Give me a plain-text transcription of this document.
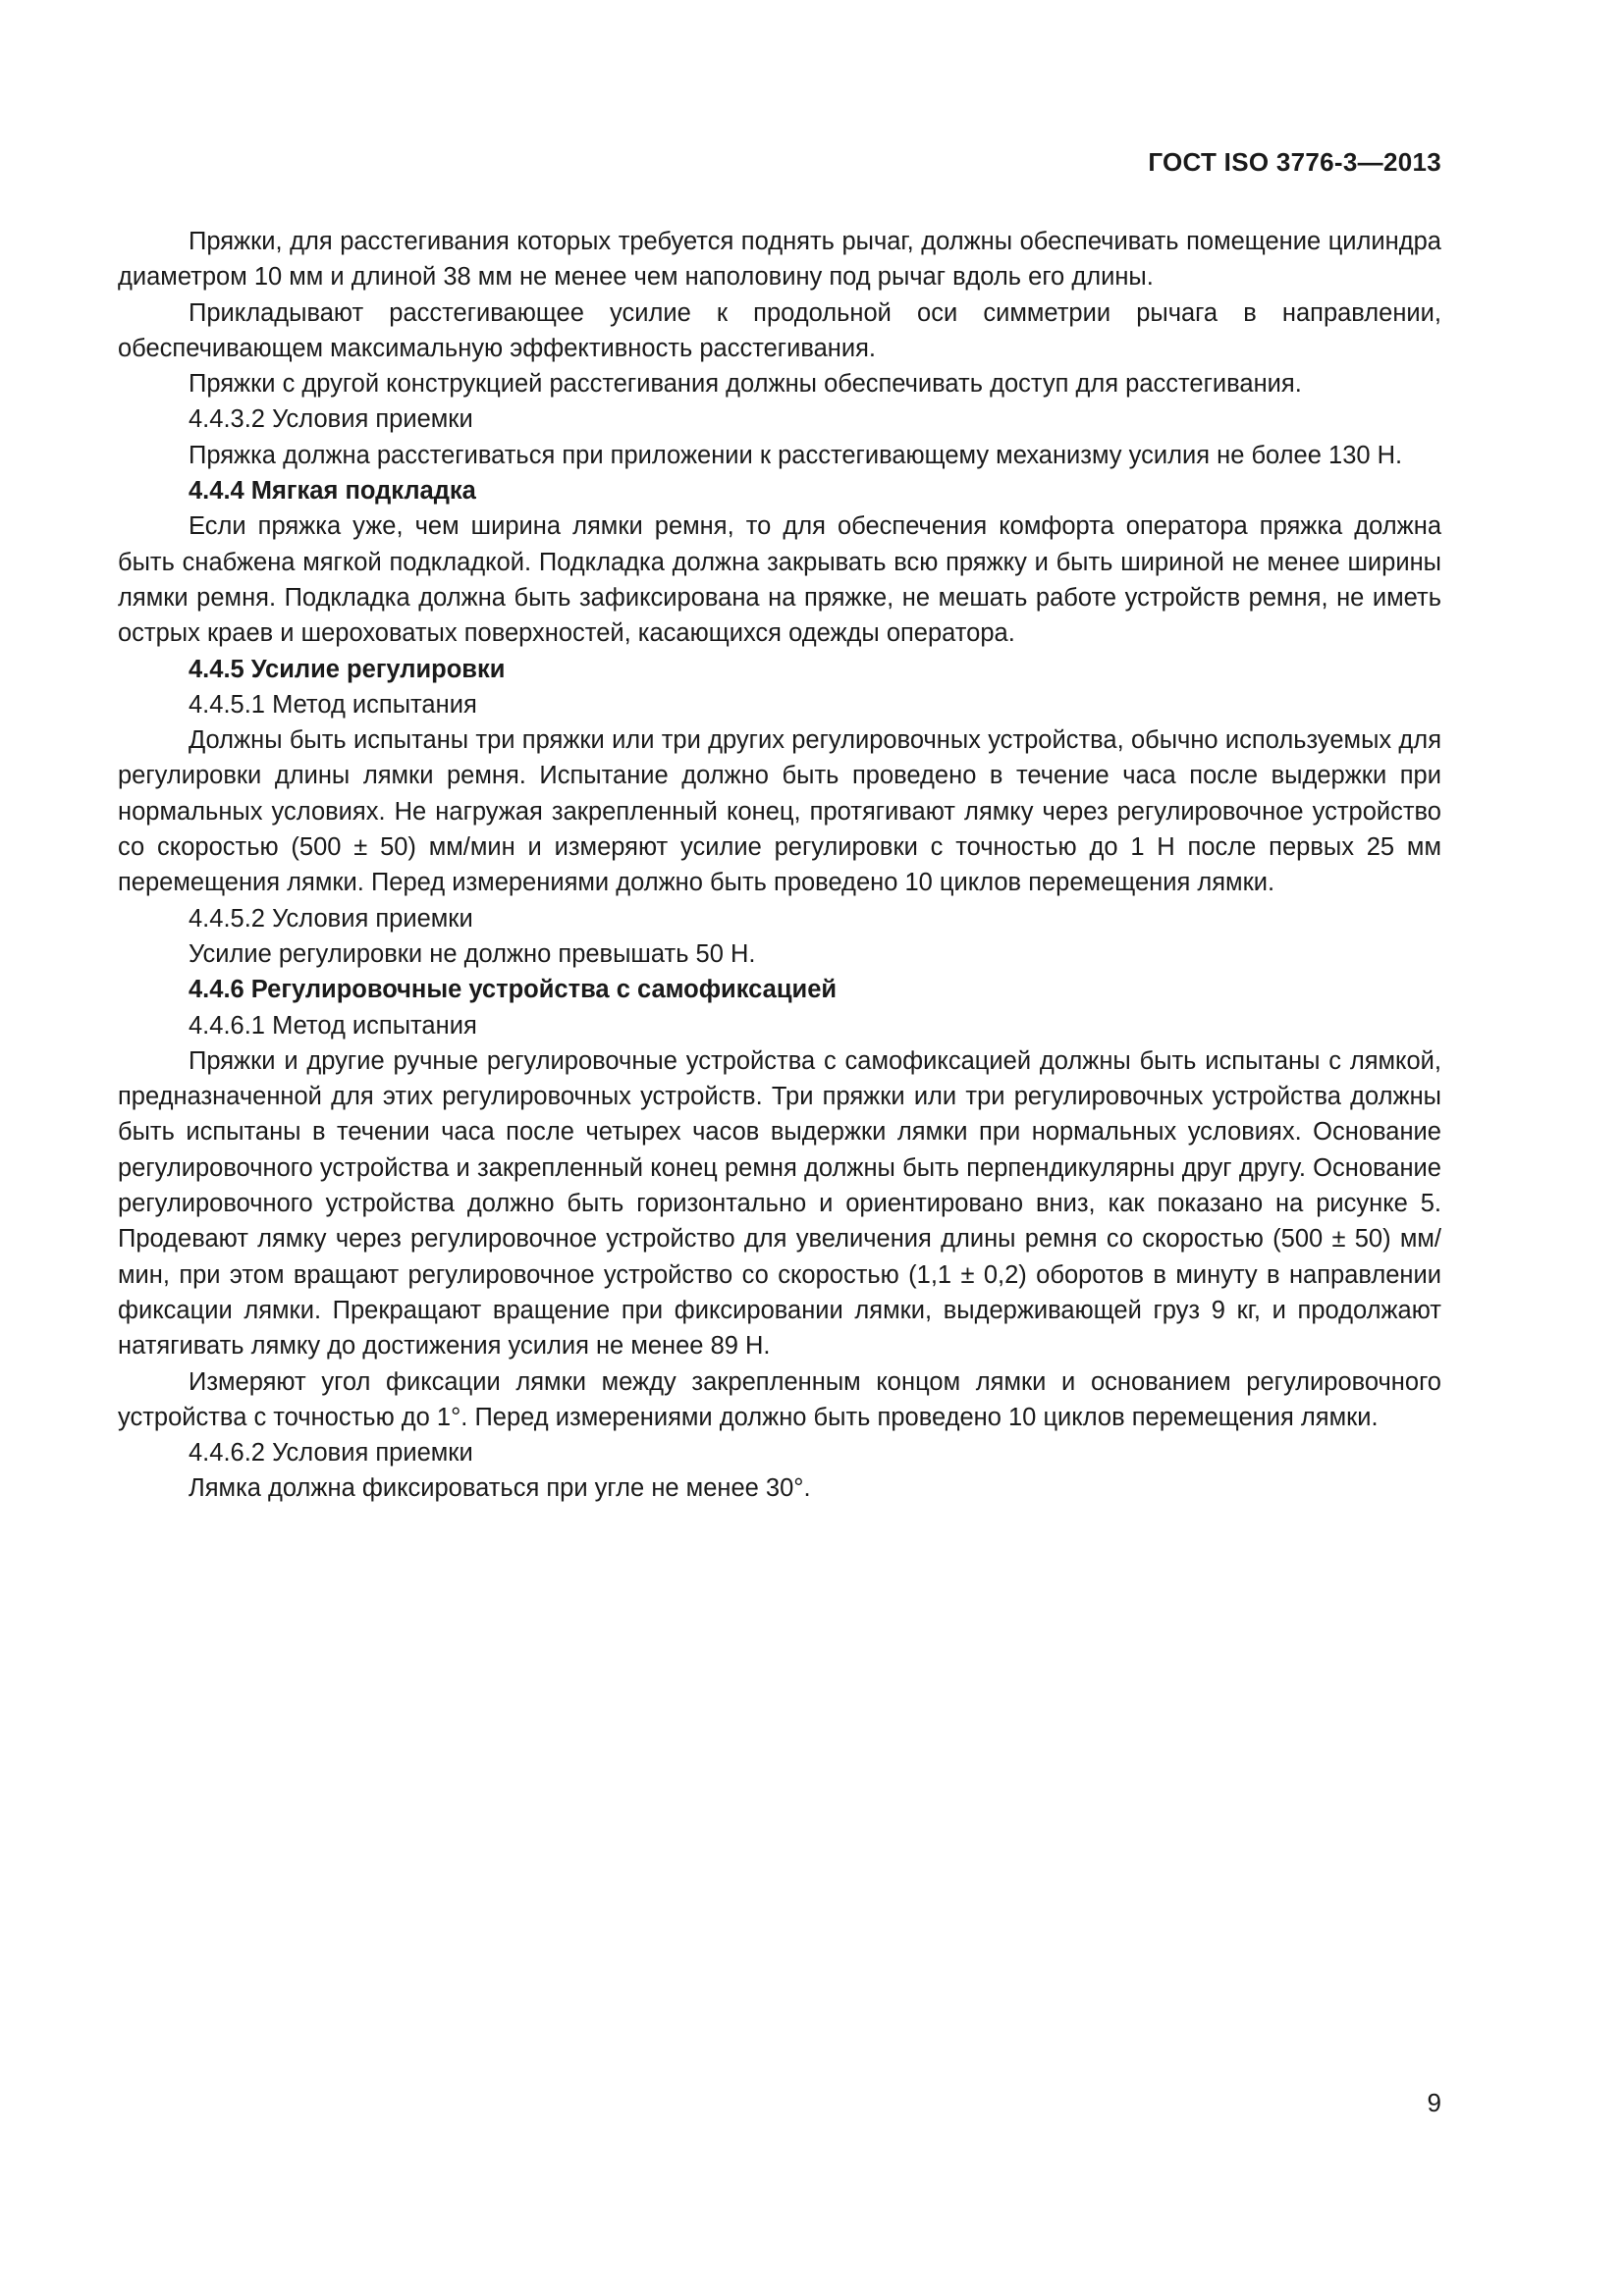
ГОСТ ISO 3776-3—2013

Пряжки, для расстегивания которых требуется поднять рычаг, должны обеспечивать помещение цилиндра диаметром 10 мм и длиной 38 мм не менее чем наполовину под рычаг вдоль его длины.

Прикладывают расстегивающее усилие к продольной оси симметрии рычага в направлении, обеспечивающем максимальную эффективность расстегивания.

Пряжки с другой конструкцией расстегивания должны обеспечивать доступ для расстегивания.

4.4.3.2 Условия приемки

Пряжка должна расстегиваться при приложении к расстегивающему механизму усилия не более 130 Н.

4.4.4 Мягкая подкладка

Если пряжка уже, чем ширина лямки ремня, то для обеспечения комфорта оператора пряжка должна быть снабжена мягкой подкладкой. Подкладка должна закрывать всю пряжку и быть шириной не менее ширины лямки ремня. Подкладка должна быть зафиксирована на пряжке, не мешать работе устройств ремня, не иметь острых краев и шероховатых поверхностей, касающихся одежды оператора.

4.4.5 Усилие регулировки

4.4.5.1 Метод испытания

Должны быть испытаны три пряжки или три других регулировочных устройства, обычно используемых для регулировки длины лямки ремня. Испытание должно быть проведено в течение часа после выдержки при нормальных условиях. Не нагружая закрепленный конец, протягивают лямку через регулировочное устройство со скоростью (500 ± 50) мм/мин и измеряют усилие регулировки с точностью до 1 Н после первых 25 мм перемещения лямки. Перед измерениями должно быть проведено 10 циклов перемещения лямки.

4.4.5.2 Условия приемки

Усилие регулировки не должно превышать 50 Н.

4.4.6 Регулировочные устройства с самофиксацией

4.4.6.1 Метод испытания

Пряжки и другие ручные регулировочные устройства с самофиксацией должны быть испытаны с лямкой, предназначенной для этих регулировочных устройств. Три пряжки или три регулировочных устройства должны быть испытаны в течении часа после четырех часов выдержки лямки при нормальных условиях. Основание регулировочного устройства и закрепленный конец ремня должны быть перпендикулярны друг другу. Основание регулировочного устройства должно быть горизонтально и ориентировано вниз, как показано на рисунке 5. Продевают лямку через регулировочное устройство для увеличения длины ремня со скоростью (500 ± 50) мм/мин, при этом вращают регулировочное устройство со скоростью (1,1 ± 0,2) оборотов в минуту в направлении фиксации лямки. Прекращают вращение при фиксировании лямки, выдерживающей груз 9 кг, и продолжают натягивать лямку до достижения усилия не менее 89 Н.

Измеряют угол фиксации лямки между закрепленным концом лямки и основанием регулировочного устройства с точностью до 1°. Перед измерениями должно быть проведено 10 циклов перемещения лямки.

4.4.6.2 Условия приемки

Лямка должна фиксироваться при угле не менее 30°.

9
